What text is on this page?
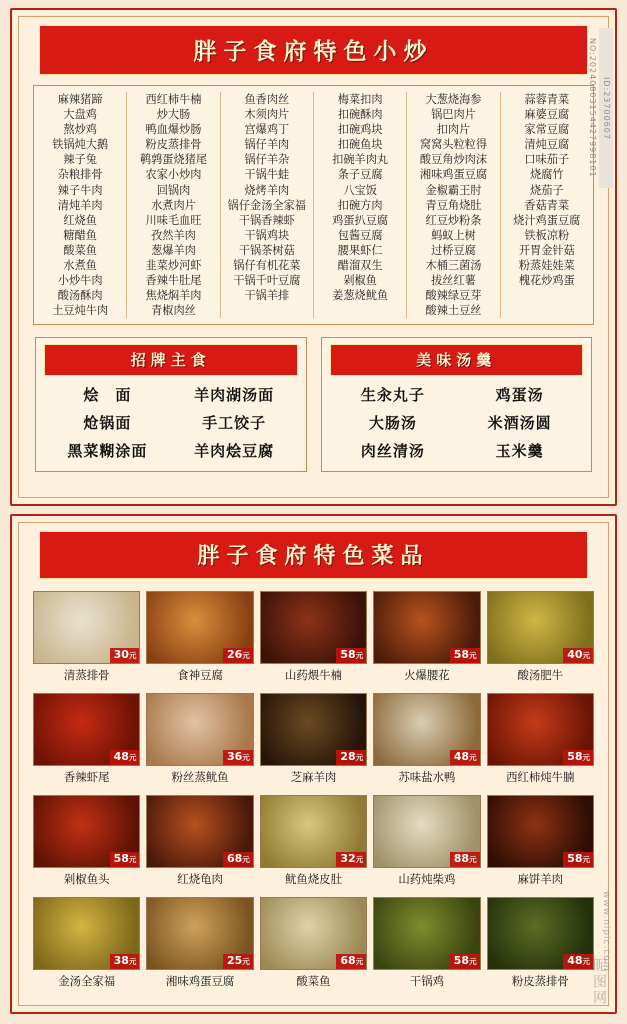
胖子食府特色小炒
麻辣猪蹄
大盘鸡
熬炒鸡
铁锅炖大鹅
辣子兔
杂粮排骨
辣子牛肉
清炖羊肉
红烧鱼
糖醋鱼
酸菜鱼
水煮鱼
小炒牛肉
酸汤酥肉
土豆炖牛肉
西红柿牛楠
炒大肠
鸭血爆炒肠
粉皮蒸排骨
鹌鹑蛋烧猪尾
农家小炒肉
回锅肉
水煮肉片
川味毛血旺
孜然羊肉
葱爆羊肉
韭菜炒河虾
香辣牛肚尾
焦烧焖羊肉
青椒肉丝
鱼香肉丝
木须肉片
宫爆鸡丁
锅仔羊肉
锅仔羊杂
干锅牛蛙
烧烤羊肉
锅仔金汤全家福
干锅香辣虾
干锅鸡块
干锅茶树菇
锅仔有机花菜
干锅千叶豆腐
干锅羊排
梅菜扣肉
扣碗酥肉
扣碗鸡块
扣碗鱼块
扣碗羊肉丸
条子豆腐
八宝饭
扣碗方肉
鸡蛋扒豆腐
包酱豆腐
腰果虾仁
醋溜双生
剁椒鱼
姜葱烧鱿鱼
大葱烧海参
锅巴肉片
扣肉片
窝窝头粒粒得
酸豆角炒肉沫
湘味鸡蛋豆腐
金椒霸王肘
青豆角烧肚
红豆炒粉条
蚂蚁上树
过桥豆腐
木桶三菌汤
拔丝红薯
酸辣绿豆芽
酸辣土豆丝
蒜蓉青菜
麻婆豆腐
家常豆腐
清炖豆腐
口味茄子
烧腐竹
烧茄子
香菇青菜
烧汁鸡蛋豆腐
铁板凉粉
开胃金针菇
粉蒸娃娃菜
槐花炒鸡蛋
招牌主食
烩　面	羊肉湖汤面
炝锅面	手工饺子
黑菜糊涂面	羊肉烩豆腐
美味汤羹
生汆丸子	鸡蛋汤
大肠汤	米酒汤圆
肉丝清汤	玉米羹
ID:23700607 NO:20240803154427998101
胖子食府特色菜品
30元
清蒸排骨
26元
食神豆腐
58元
山药煨牛楠
58元
火爆腰花
40元
酸汤肥牛
48元
香辣虾尾
36元
粉丝蒸鱿鱼
28元
芝麻羊肉
48元
苏味盐水鸭
58元
西红柿炖牛腩
58元
剁椒鱼头
68元
红烧龟肉
32元
鱿鱼烧皮肚
88元
山药炖柴鸡
58元
麻饼羊肉
38元
金汤全家福
25元
湘味鸡蛋豆腐
68元
酸菜鱼
58元
干锅鸡
48元
粉皮蒸排骨
www.nipic.com
昵图网
